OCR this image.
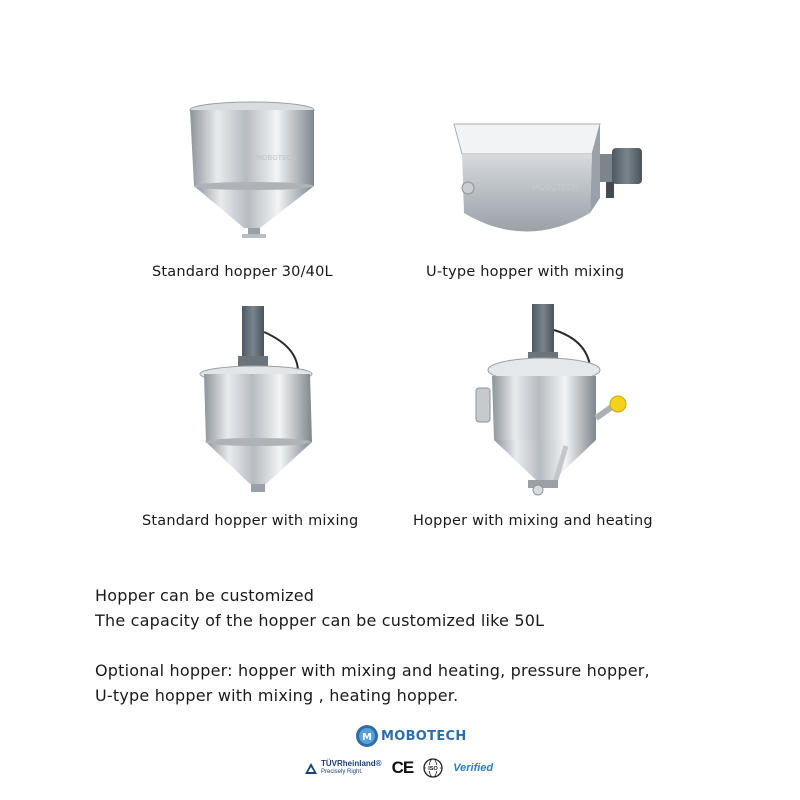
MOBOTECH
Standard hopper 30/40L
MOBOTECH
U-type hopper with mixing
Standard hopper with mixing	Hopper with mixing and heating

Hopper can be customized

The capacity of the hopper can be customized like 50L

Optional hopper: hopper with mixing and heating, pressure hopper,

U-type hopper with mixing , heating hopper.

M MOBOTECH
TÜVRheinland®
Precisely Right.	CE	ISO Verified
